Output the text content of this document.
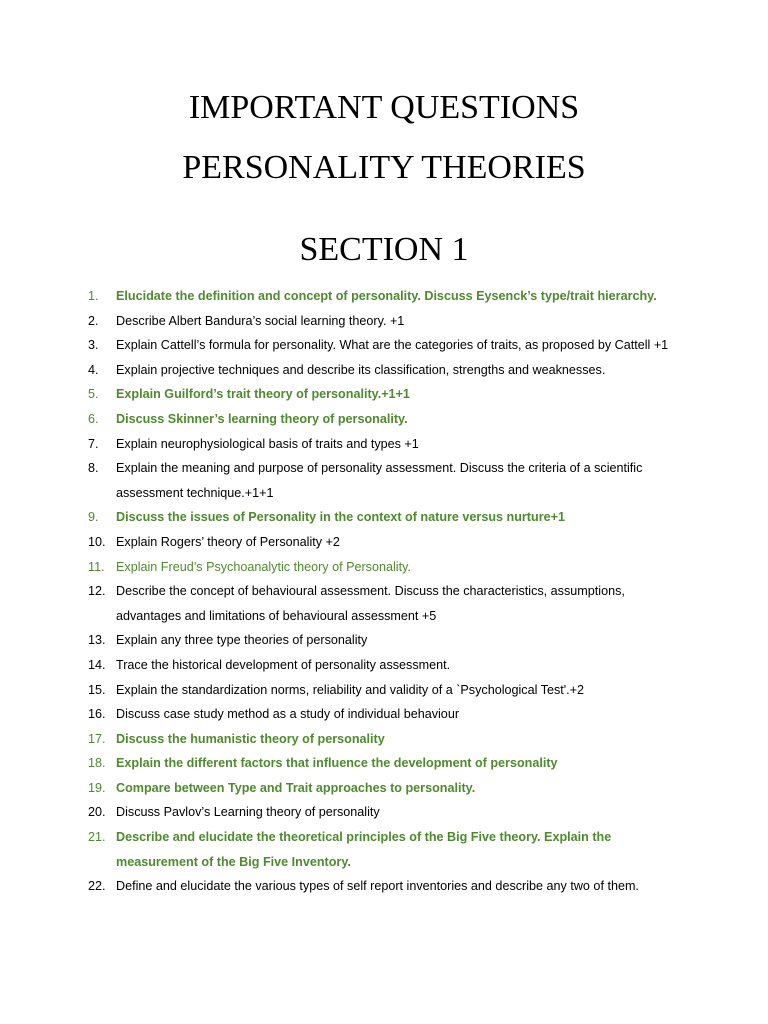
IMPORTANT QUESTIONS
PERSONALITY THEORIES
SECTION 1
1.	Elucidate the definition and concept of personality. Discuss Eysenck’s type/trait hierarchy.
2.	Describe Albert Bandura’s social learning theory. +1
3.	Explain Cattell’s formula for personality. What are the categories of traits, as proposed by Cattell +1
4.	Explain projective techniques and describe its classification, strengths and weaknesses.
5.	Explain Guilford’s trait theory of personality.+1+1
6.	Discuss Skinner’s learning theory of personality.
7.	Explain neurophysiological basis of traits and types +1
8.	Explain the meaning and purpose of personality assessment. Discuss the criteria of a scientific assessment technique.+1+1
9.	Discuss the issues of Personality in the context of nature versus nurture+1
10. Explain Rogers’ theory of Personality +2
11. Explain Freud’s Psychoanalytic theory of Personality.
12. Describe the concept of behavioural assessment. Discuss the characteristics, assumptions, advantages and limitations of behavioural assessment +5
13. Explain any three type theories of personality
14. Trace the historical development of personality assessment.
15. Explain the standardization norms, reliability and validity of a `Psychological Test'.+2
16. Discuss case study method as a study of individual behaviour
17. Discuss the humanistic theory of personality
18. Explain the different factors that influence the development of personality
19. Compare between Type and Trait approaches to personality.
20. Discuss Pavlov’s Learning theory of personality
21. Describe and elucidate the theoretical principles of the Big Five theory. Explain the measurement of the Big Five Inventory.
22. Define and elucidate the various types of self report inventories and describe any two of them.
